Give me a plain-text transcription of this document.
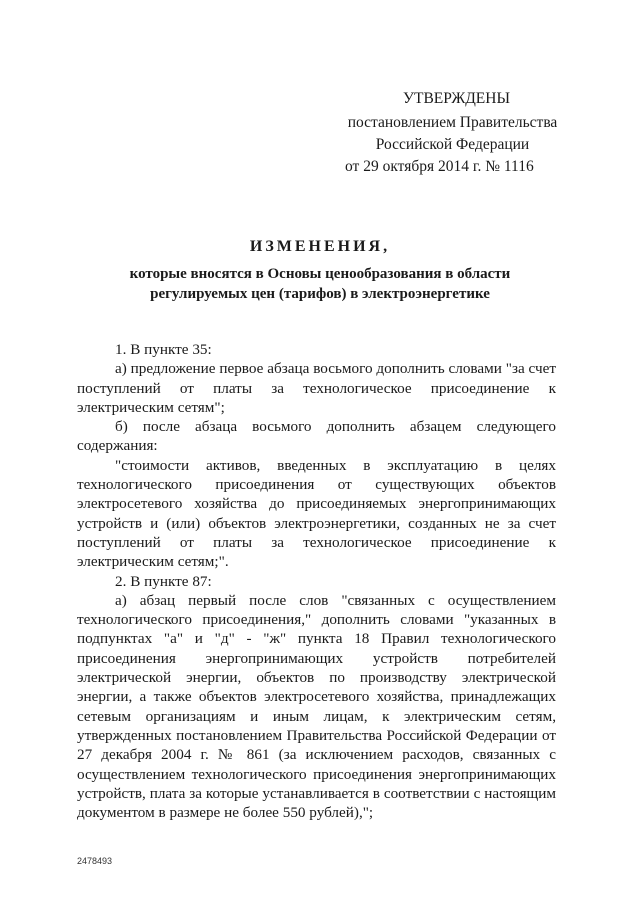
УТВЕРЖДЕНЫ
постановлением Правительства
Российской Федерации
от 29 октября 2014 г. № 1116
ИЗМЕНЕНИЯ,
которые вносятся в Основы ценообразования в области
регулируемых цен (тарифов) в электроэнергетике

1. В пункте 35:

а) предложение первое абзаца восьмого дополнить словами "за счет поступлений от платы за технологическое присоединение к электрическим сетям";

б) после абзаца восьмого дополнить абзацем следующего содержания:

"стоимости активов, введенных в эксплуатацию в целях технологического присоединения от существующих объектов электросетевого хозяйства до присоединяемых энергопринимающих устройств и (или) объектов электроэнергетики, созданных не за счет поступлений от платы за технологическое присоединение к электрическим сетям;".

2. В пункте 87:

а) абзац первый после слов "связанных с осуществлением технологического присоединения," дополнить словами "указанных в подпунктах "а" и "д" - "ж" пункта 18 Правил технологического присоединения энергопринимающих устройств потребителей электрической энергии, объектов по производству электрической энергии, а также объектов электросетевого хозяйства, принадлежащих сетевым организациям и иным лицам, к электрическим сетям, утвержденных постановлением Правительства Российской Федерации от 27 декабря 2004 г. № 861 (за исключением расходов, связанных с осуществлением технологического присоединения энергопринимающих устройств, плата за которые устанавливается в соответствии с настоящим документом в размере не более 550 рублей),";

2478493
